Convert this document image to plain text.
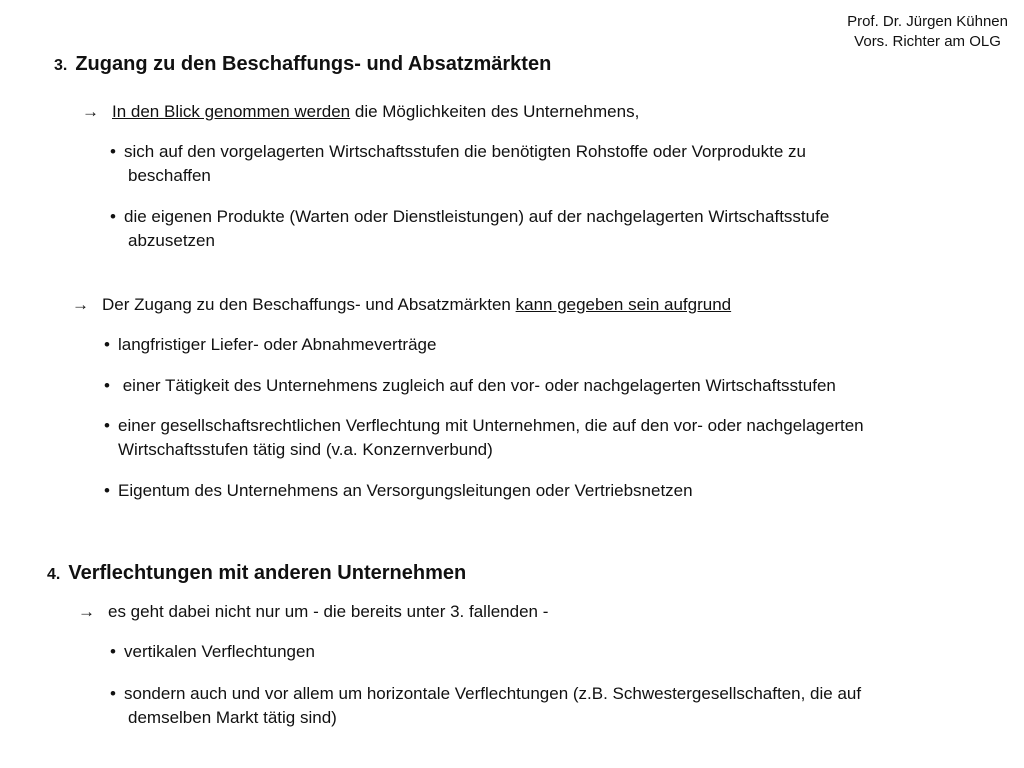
Prof. Dr. Jürgen Kühnen
Vors. Richter am OLG
3. Zugang zu den Beschaffungs- und Absatzmärkten
→ In den Blick genommen werden die Möglichkeiten des Unternehmens,
• sich auf den vorgelagerten Wirtschaftsstufen die benötigten Rohstoffe oder Vorprodukte zu
beschaffen
• die eigenen Produkte (Warten oder Dienstleistungen) auf der nachgelagerten Wirtschaftsstufe
abzusetzen
→ Der Zugang zu den Beschaffungs- und Absatzmärkten kann gegeben sein aufgrund
• langfristiger Liefer- oder Abnahmeverträge
• einer Tätigkeit des Unternehmens zugleich auf den vor- oder nachgelagerten Wirtschaftsstufen
• einer gesellschaftsrechtlichen Verflechtung mit Unternehmen, die auf den vor- oder nachgelagerten
Wirtschaftsstufen tätig sind (v.a. Konzernverbund)
• Eigentum des Unternehmens an Versorgungsleitungen oder Vertriebsnetzen
4. Verflechtungen mit anderen Unternehmen
→ es geht dabei nicht nur um - die bereits unter 3. fallenden -
• vertikalen Verflechtungen
• sondern auch und vor allem um horizontale Verflechtungen (z.B. Schwestergesellschaften, die auf
demselben Markt tätig sind)
